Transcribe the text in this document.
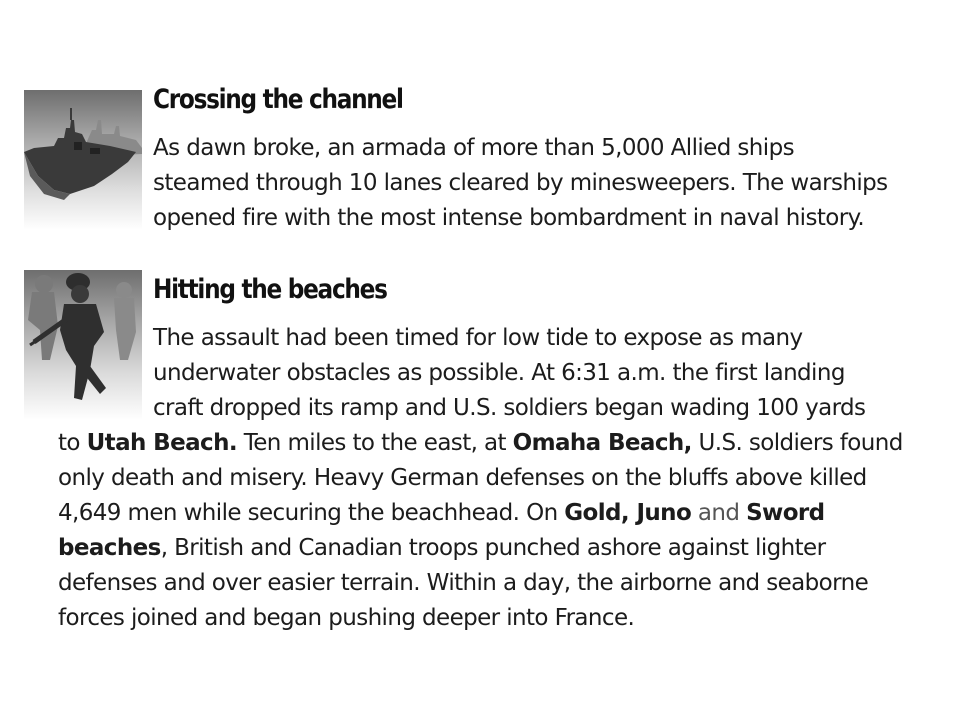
Crossing the channel
As dawn broke, an armada of more than 5,000 Allied ships
steamed through 10 lanes cleared by minesweepers. The warships
opened fire with the most intense bombardment in naval history.
Hitting the beaches
The assault had been timed for low tide to expose as many
underwater obstacles as possible. At 6:31 a.m. the first landing
craft dropped its ramp and U.S. soldiers began wading 100 yards
to Utah Beach. Ten miles to the east, at Omaha Beach, U.S. soldiers found
only death and misery. Heavy German defenses on the bluffs above killed
4,649 men while securing the beachhead. On Gold, Juno and Sword
beaches, British and Canadian troops punched ashore against lighter
defenses and over easier terrain. Within a day, the airborne and seaborne
forces joined and began pushing deeper into France.
